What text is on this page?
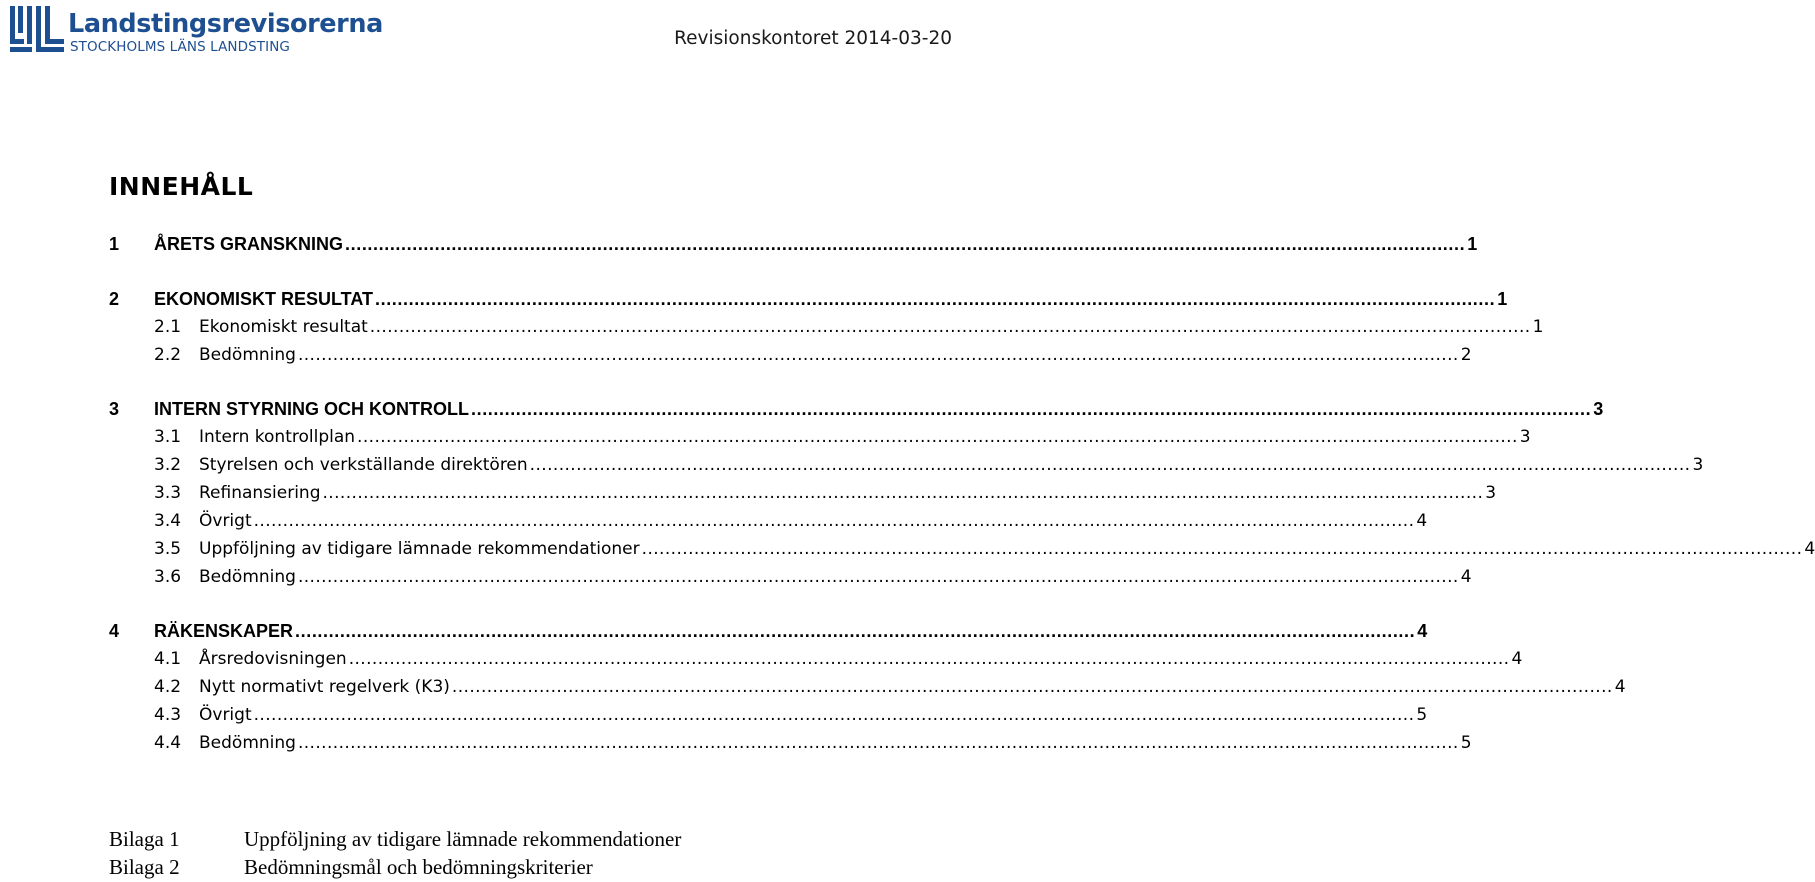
Landstingsrevisorerna
STOCKHOLMS LÄNS LANDSTING	Revisionskontoret 2014-03-20
INNEHÅLL
1	ÅRETS GRANSKNING ........................................................................................................................................................................................................ 1
2	EKONOMISKT RESULTAT ........................................................................................................................................................................................................ 1
2.1	Ekonomiskt resultat ........................................................................................................................................................................................................ 1
2.2	Bedömning ........................................................................................................................................................................................................ 2
3	INTERN STYRNING OCH KONTROLL ........................................................................................................................................................................................................ 3
3.1	Intern kontrollplan ........................................................................................................................................................................................................ 3
3.2	Styrelsen och verkställande direktören ........................................................................................................................................................................................................ 3
3.3	Refinansiering ........................................................................................................................................................................................................ 3
3.4	Övrigt ........................................................................................................................................................................................................ 4
3.5	Uppföljning av tidigare lämnade rekommendationer ........................................................................................................................................................................................................ 4
3.6	Bedömning ........................................................................................................................................................................................................ 4
4	RÄKENSKAPER ........................................................................................................................................................................................................ 4
4.1	Årsredovisningen ........................................................................................................................................................................................................ 4
4.2	Nytt normativt regelverk (K3) ........................................................................................................................................................................................................ 4
4.3	Övrigt ........................................................................................................................................................................................................ 5
4.4	Bedömning ........................................................................................................................................................................................................ 5
Bilaga 1	Uppföljning av tidigare lämnade rekommendationer
Bilaga 2	Bedömningsmål och bedömningskriterier
